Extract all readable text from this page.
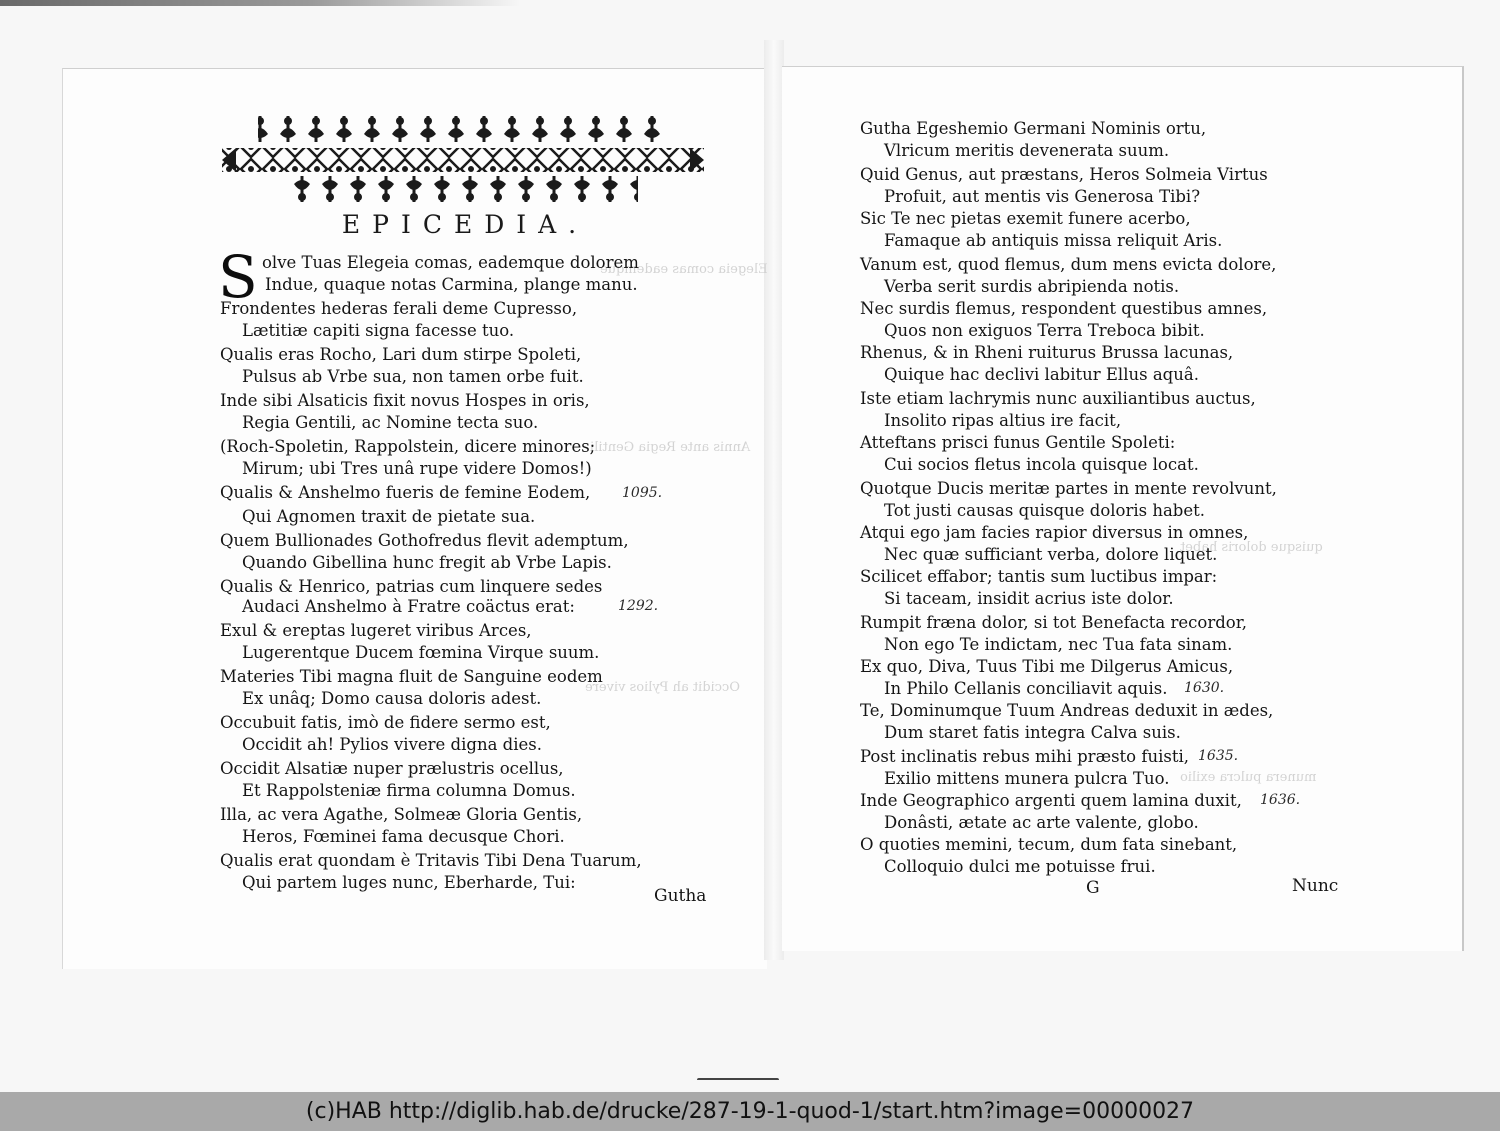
Elegeia comas eademque
Annis ante Regia Gentili
Occidit ah Pylios vivere
quisque doloris habet
munera pulcra exilio
EPICEDIA.
S olve Tuas Elegeia comas, eademque dolorem

Indue, quaque notas Carmina, plange manu.

Frondentes hederas ferali deme Cupresso,

Lætitiæ capiti signa facesse tuo.

Qualis eras Rocho, Lari dum stirpe Spoleti,

Pulsus ab Vrbe sua, non tamen orbe fuit.

Inde sibi Alsaticis fixit novus Hospes in oris,

Regia Gentili, ac Nomine tecta suo.

(Roch-Spoletin, Rappolstein, dicere minores;

Mirum; ubi Tres unâ rupe videre Domos!)

Qualis & Anshelmo fueris de femine Eodem,

Qui Agnomen traxit de pietate sua.

Quem Bullionades Gothofredus flevit ademptum,

Quando Gibellina hunc fregit ab Vrbe Lapis.

Qualis & Henrico, patrias cum linquere sedes

Audaci Anshelmo à Fratre coäctus erat:

Exul & ereptas lugeret viribus Arces,

Lugerentque Ducem fœmina Virque suum.

Materies Tibi magna fluit de Sanguine eodem

Ex unâq; Domo causa doloris adest.

Occubuit fatis, imò de fidere sermo est,

Occidit ah! Pylios vivere digna dies.

Occidit Alsatiæ nuper prælustris ocellus,

Et Rappolsteniæ firma columna Domus.

Illa, ac vera Agathe, Solmeæ Gloria Gentis,

Heros, Fœminei fama decusque Chori.

Qualis erat quondam è Tritavis Tibi Dena Tuarum,

Qui partem luges nunc, Eberharde, Tui:

1095.
1292.
Gutha

Gutha Egeshemio Germani Nominis ortu,

Vlricum meritis devenerata suum.

Quid Genus, aut præstans, Heros Solmeia Virtus

Profuit, aut mentis vis Generosa Tibi?

Sic Te nec pietas exemit funere acerbo,

Famaque ab antiquis missa reliquit Aris.

Vanum est, quod flemus, dum mens evicta dolore,

Verba serit surdis abripienda notis.

Nec surdis flemus, respondent questibus amnes,

Quos non exiguos Terra Treboca bibit.

Rhenus, & in Rheni ruiturus Brussa lacunas,

Quique hac declivi labitur Ellus aquâ.

Iste etiam lachrymis nunc auxiliantibus auctus,

Insolito ripas altius ire facit,

Atteftans prisci funus Gentile Spoleti:

Cui socios fletus incola quisque locat.

Quotque Ducis meritæ partes in mente revolvunt,

Tot justi causas quisque doloris habet.

Atqui ego jam facies rapior diversus in omnes,

Nec quæ sufficiant verba, dolore liquet.

Scilicet effabor; tantis sum luctibus impar:

Si taceam, insidit acrius iste dolor.

Rumpit fræna dolor, si tot Benefacta recordor,

Non ego Te indictam, nec Tua fata sinam.

Ex quo, Diva, Tuus Tibi me Dilgerus Amicus,

In Philo Cellanis conciliavit aquis.

Te, Dominumque Tuum Andreas deduxit in ædes,

Dum staret fatis integra Calva suis.

Post inclinatis rebus mihi præsto fuisti,

Exilio mittens munera pulcra Tuo.

Inde Geographico argenti quem lamina duxit,

Donâsti, ætate ac arte valente, globo.

O quoties memini, tecum, dum fata sinebant,

Colloquio dulci me potuisse frui.

1630.
1635.
1636.
G	Nunc
(c)HAB http://diglib.hab.de/drucke/287-19-1-quod-1/start.htm?image=00000027
